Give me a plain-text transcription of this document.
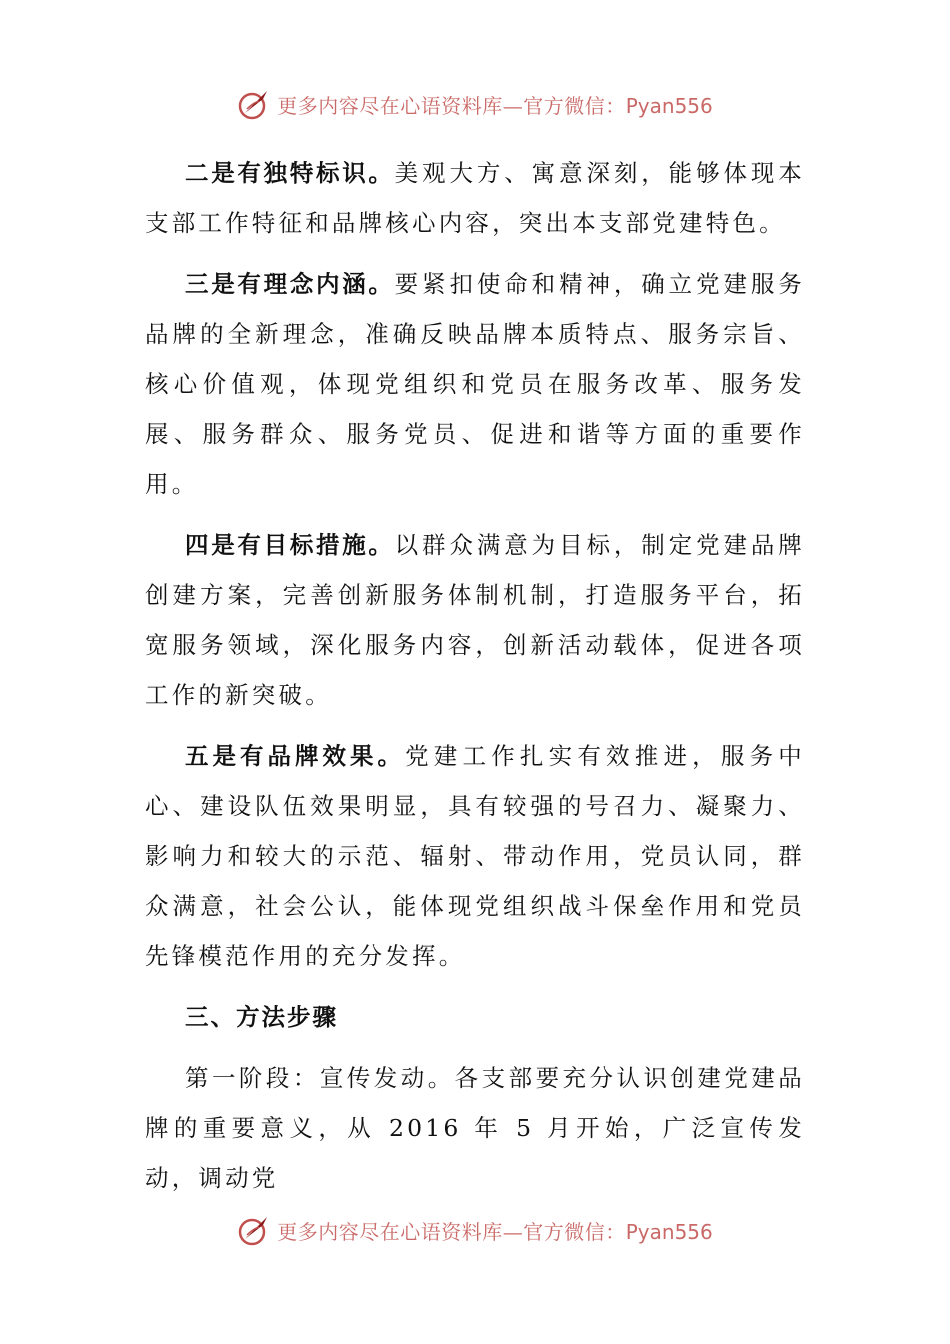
更多内容尽在心语资料库—官方微信：Pyan556

二是有独特标识。美观大方、寓意深刻，能够体现本支部工作特征和品牌核心内容，突出本支部党建特色。

三是有理念内涵。要紧扣使命和精神，确立党建服务品牌的全新理念，准确反映品牌本质特点、服务宗旨、核心价值观，体现党组织和党员在服务改革、服务发展、服务群众、服务党员、促进和谐等方面的重要作用。

四是有目标措施。以群众满意为目标，制定党建品牌创建方案，完善创新服务体制机制，打造服务平台，拓宽服务领域，深化服务内容，创新活动载体，促进各项工作的新突破。

五是有品牌效果。党建工作扎实有效推进，服务中心、建设队伍效果明显，具有较强的号召力、凝聚力、影响力和较大的示范、辐射、带动作用，党员认同，群众满意，社会公认，能体现党组织战斗保垒作用和党员先锋模范作用的充分发挥。

三、方法步骤

第一阶段：宣传发动。各支部要充分认识创建党建品牌的重要意义，从 2016 年 5 月开始，广泛宣传发动，调动党

更多内容尽在心语资料库—官方微信：Pyan556
